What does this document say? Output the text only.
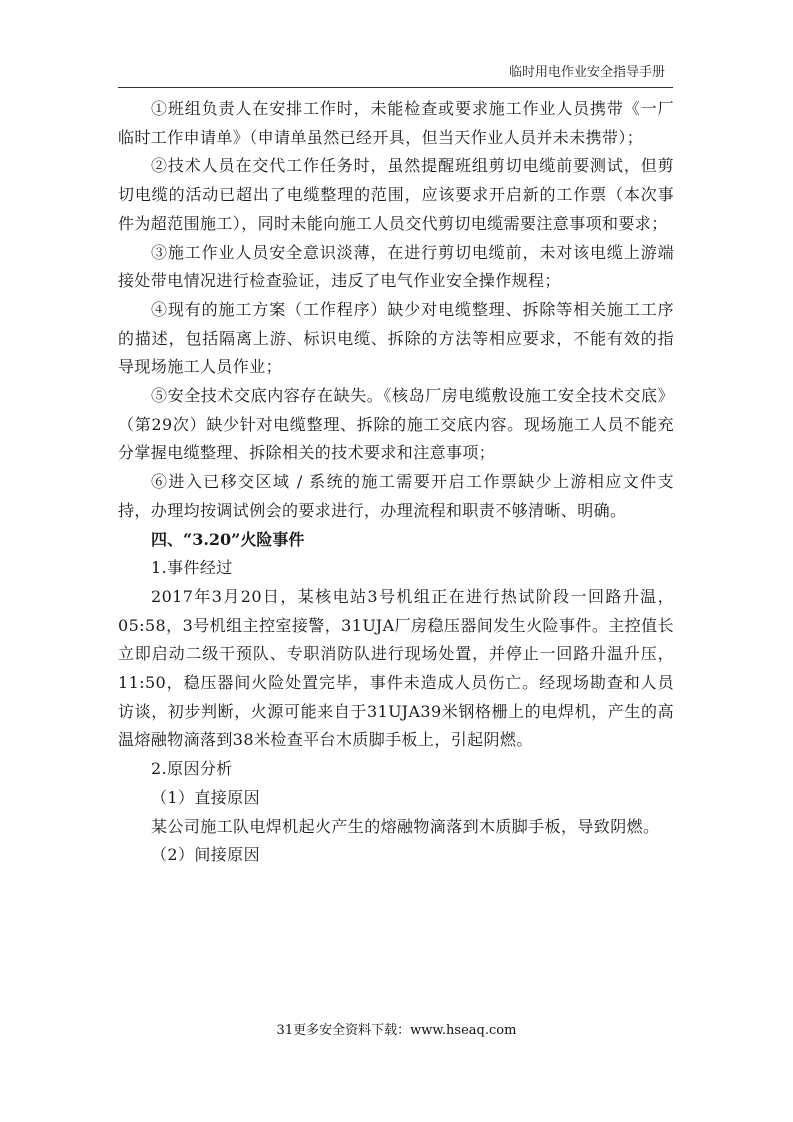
临时用电作业安全指导手册

①班组负责人在安排工作时，未能检查或要求施工作业人员携带《一厂临时工作申请单》（申请单虽然已经开具，但当天作业人员并未未携带）；

②技术人员在交代工作任务时，虽然提醒班组剪切电缆前要测试，但剪切电缆的活动已超出了电缆整理的范围，应该要求开启新的工作票（本次事件为超范围施工），同时未能向施工人员交代剪切电缆需要注意事项和要求；

③施工作业人员安全意识淡薄，在进行剪切电缆前，未对该电缆上游端接处带电情况进行检查验证，违反了电气作业安全操作规程；

④现有的施工方案（工作程序）缺少对电缆整理、拆除等相关施工工序的描述，包括隔离上游、标识电缆、拆除的方法等相应要求，不能有效的指导现场施工人员作业；

⑤安全技术交底内容存在缺失。《核岛厂房电缆敷设施工安全技术交底》（第29次）缺少针对电缆整理、拆除的施工交底内容。现场施工人员不能充分掌握电缆整理、拆除相关的技术要求和注意事项；

⑥进入已移交区域 / 系统的施工需要开启工作票缺少上游相应文件支持，办理均按调试例会的要求进行，办理流程和职责不够清晰、明确。

四、“3.20”火险事件

1.事件经过

2017年3月20日，某核电站3号机组正在进行热试阶段一回路升温，05:58，3号机组主控室接警，31UJA厂房稳压器间发生火险事件。主控值长立即启动二级干预队、专职消防队进行现场处置，并停止一回路升温升压，11:50，稳压器间火险处置完毕，事件未造成人员伤亡。经现场勘查和人员访谈，初步判断，火源可能来自于31UJA39米钢格栅上的电焊机，产生的高温熔融物滴落到38米检查平台木质脚手板上，引起阴燃。

2.原因分析

（1）直接原因

某公司施工队电焊机起火产生的熔融物滴落到木质脚手板，导致阴燃。

（2）间接原因

31更多安全资料下载：www.hseaq.com
